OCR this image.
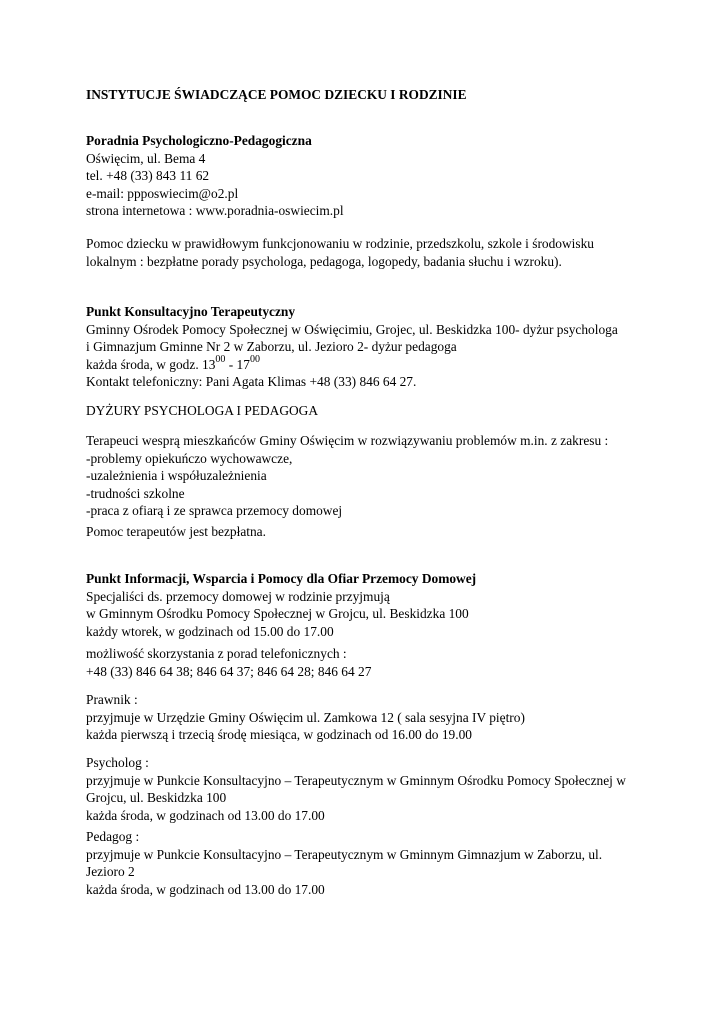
INSTYTUCJE ŚWIADCZĄCE POMOC DZIECKU I RODZINIE
Poradnia Psychologiczno-Pedagogiczna
Oświęcim, ul. Bema 4
tel. +48 (33) 843 11 62
e-mail: ppposwiecim@o2.pl
strona internetowa : www.poradnia-oswiecim.pl
Pomoc dziecku w prawidłowym funkcjonowaniu w rodzinie, przedszkolu, szkole i środowisku
lokalnym : bezpłatne porady psychologa, pedagoga, logopedy, badania słuchu i wzroku).
Punkt Konsultacyjno Terapeutyczny
Gminny Ośrodek Pomocy Społecznej w Oświęcimiu, Grojec, ul. Beskidzka 100- dyżur psychologa
i Gimnazjum Gminne Nr 2 w Zaborzu, ul. Jezioro 2- dyżur pedagoga
każda środa, w godz. $13^{00} - 17^{00}$
Kontakt telefoniczny: Pani Agata Klimas +48 (33) 846 64 27.
DYŻURY PSYCHOLOGA I PEDAGOGA
Terapeuci wesprą mieszkańców Gminy Oświęcim w rozwiązywaniu problemów m.in. z zakresu :
-problemy opiekuńczo wychowawcze,
-uzależnienia i współuzależnienia
-trudności szkolne
-praca z ofiarą i ze sprawca przemocy domowej
Pomoc terapeutów jest bezpłatna.
Punkt Informacji, Wsparcia i Pomocy dla Ofiar Przemocy Domowej
Specjaliści ds. przemocy domowej w rodzinie przyjmują
w Gminnym Ośrodku Pomocy Społecznej w Grojcu, ul. Beskidzka 100
każdy wtorek, w godzinach od 15.00 do 17.00
możliwość skorzystania z porad telefonicznych :
+48 (33) 846 64 38; 846 64 37; 846 64 28; 846 64 27
Prawnik :
przyjmuje w Urzędzie Gminy Oświęcim ul. Zamkowa 12 ( sala sesyjna IV piętro)
każda pierwszą i trzecią środę miesiąca, w godzinach od 16.00 do 19.00
Psycholog :
przyjmuje w Punkcie Konsultacyjno – Terapeutycznym w Gminnym Ośrodku Pomocy Społecznej w
Grojcu, ul. Beskidzka 100
każda środa, w godzinach od 13.00 do 17.00
Pedagog :
przyjmuje w Punkcie Konsultacyjno – Terapeutycznym w Gminnym Gimnazjum w Zaborzu, ul.
Jezioro 2
każda środa, w godzinach od 13.00 do 17.00
